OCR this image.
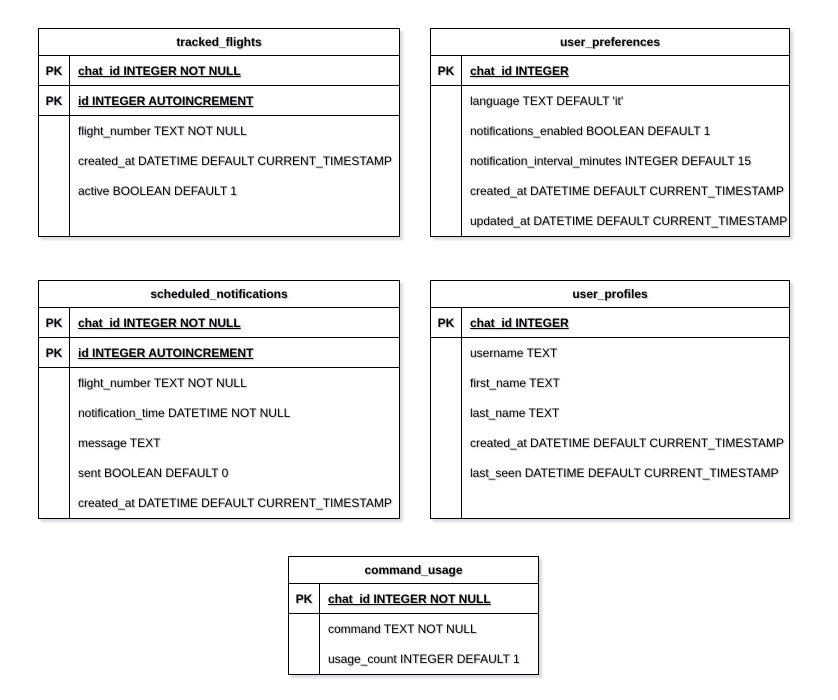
tracked_flights
PK	chat_id INTEGER NOT NULL
PK	id INTEGER AUTOINCREMENT
flight_number TEXT NOT NULL
created_at DATETIME DEFAULT CURRENT_TIMESTAMP
active BOOLEAN DEFAULT 1
user_preferences
PK	chat_id INTEGER
language TEXT DEFAULT 'it'
notifications_enabled BOOLEAN DEFAULT 1
notification_interval_minutes INTEGER DEFAULT 15
created_at DATETIME DEFAULT CURRENT_TIMESTAMP
updated_at DATETIME DEFAULT CURRENT_TIMESTAMP
scheduled_notifications
PK	chat_id INTEGER NOT NULL
PK	id INTEGER AUTOINCREMENT
flight_number TEXT NOT NULL
notification_time DATETIME NOT NULL
message TEXT
sent BOOLEAN DEFAULT 0
created_at DATETIME DEFAULT CURRENT_TIMESTAMP
user_profiles
PK	chat_id INTEGER
username TEXT
first_name TEXT
last_name TEXT
created_at DATETIME DEFAULT CURRENT_TIMESTAMP
last_seen DATETIME DEFAULT CURRENT_TIMESTAMP
command_usage
PK	chat_id INTEGER NOT NULL
command TEXT NOT NULL
usage_count INTEGER DEFAULT 1
